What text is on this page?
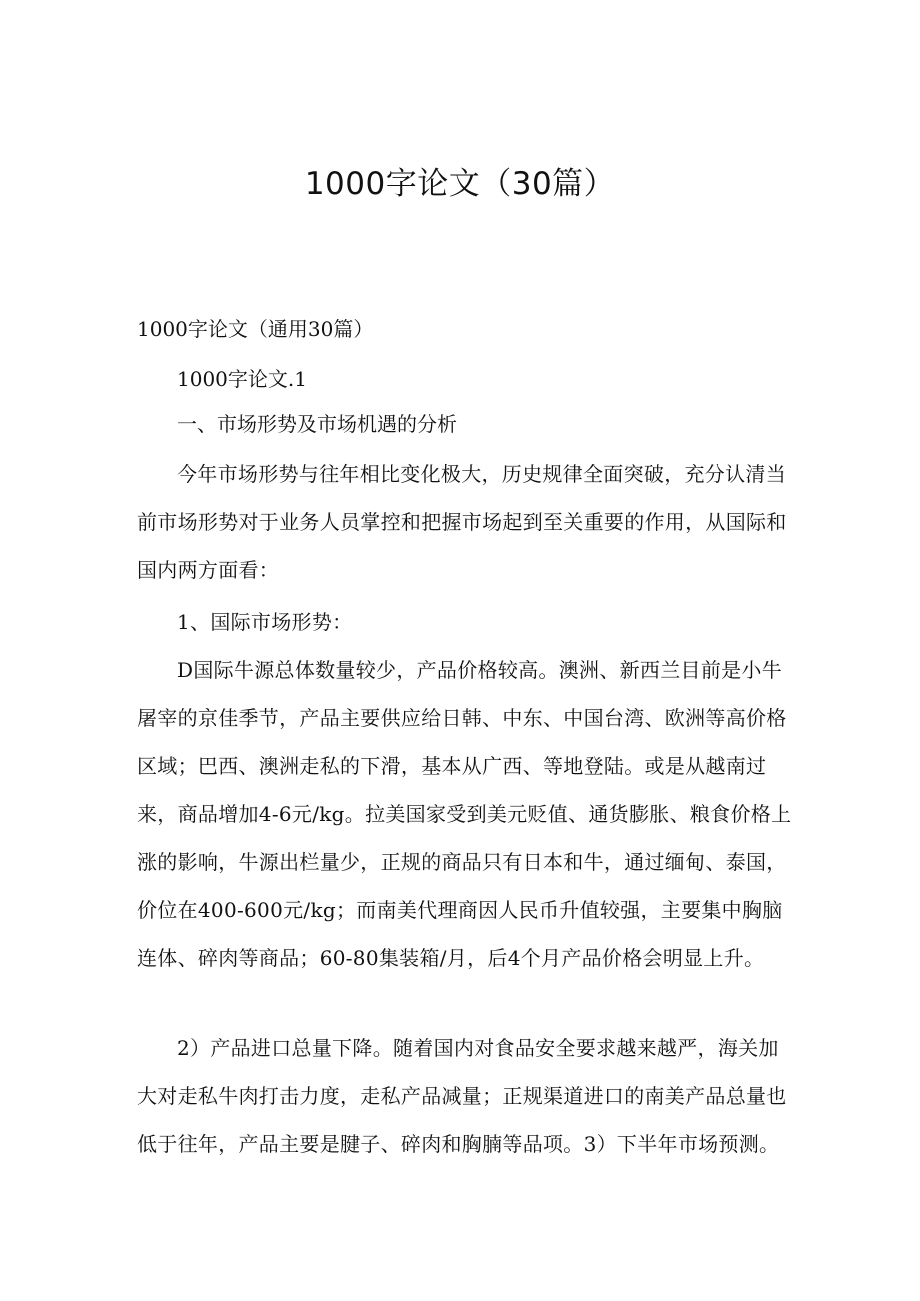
1000字论文（30篇）

1000字论文（通用30篇）

1000字论文.1

一、市场形势及市场机遇的分析

今年市场形势与往年相比变化极大，历史规律全面突破，充分认清当前市场形势对于业务人员掌控和把握市场起到至关重要的作用，从国际和国内两方面看：

1、国际市场形势：

D国际牛源总体数量较少，产品价格较高。澳洲、新西兰目前是小牛屠宰的京佳季节，产品主要供应给日韩、中东、中国台湾、欧洲等高价格区域；巴西、澳洲走私的下滑，基本从广西、等地登陆。或是从越南过来，商品增加4-6元/kg。拉美国家受到美元贬值、通货膨胀、粮食价格上涨的影响，牛源出栏量少，正规的商品只有日本和牛，通过缅甸、泰国，价位在400-600元/kg；而南美代理商因人民币升值较强，主要集中胸脑连体、碎肉等商品；60-80集装箱/月，后4个月产品价格会明显上升。

2）产品进口总量下降。随着国内对食品安全要求越来越严，海关加大对走私牛肉打击力度，走私产品减量；正规渠道进口的南美产品总量也低于往年，产品主要是腱子、碎肉和胸腩等品项。3）下半年市场预测。
